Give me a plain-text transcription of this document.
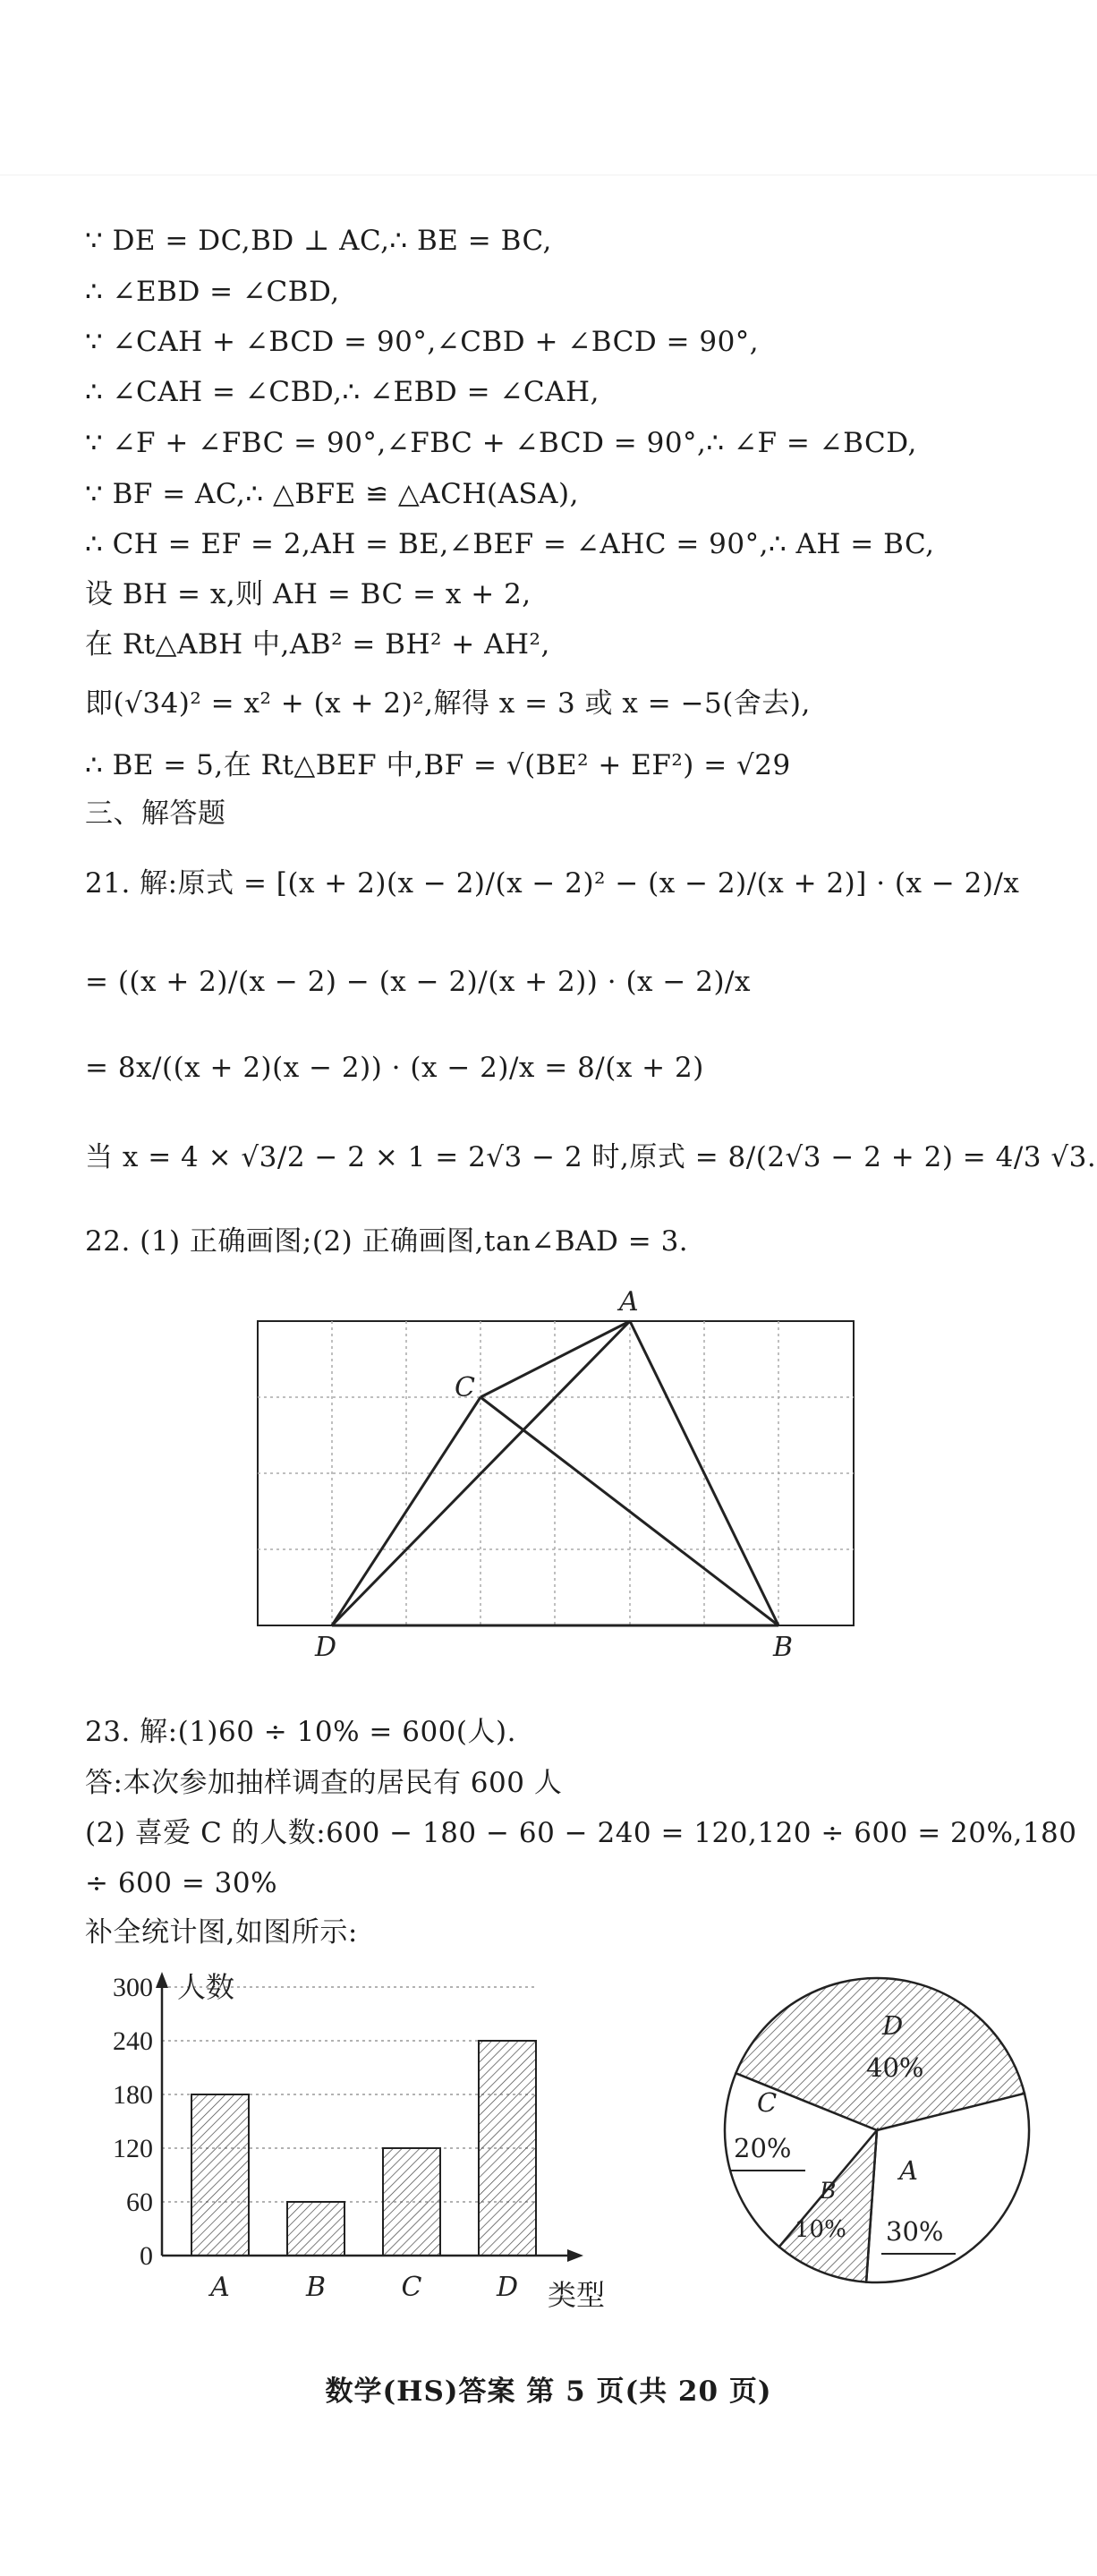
∵ DE = DC,BD ⊥ AC,∴ BE = BC,
∴ ∠EBD = ∠CBD,
∵ ∠CAH + ∠BCD = 90°,∠CBD + ∠BCD = 90°,
∴ ∠CAH = ∠CBD,∴ ∠EBD = ∠CAH,
∵ ∠F + ∠FBC = 90°,∠FBC + ∠BCD = 90°,∴ ∠F = ∠BCD,
∵ BF = AC,∴ △BFE ≌ △ACH(ASA),
∴ CH = EF = 2,AH = BE,∠BEF = ∠AHC = 90°,∴ AH = BC,
设 BH = x,则 AH = BC = x + 2,
在 Rt△ABH 中,AB² = BH² + AH²,
即(√34)² = x² + (x + 2)²,解得 x = 3 或 x = −5(舍去),
∴ BE = 5,在 Rt△BEF 中,BF = √(BE² + EF²) = √29
三、解答题
21. 解:原式 = [(x + 2)(x − 2)/(x − 2)² − (x − 2)/(x + 2)] · (x − 2)/x
= ((x + 2)/(x − 2) − (x − 2)/(x + 2)) · (x − 2)/x
= 8x/((x + 2)(x − 2)) · (x − 2)/x = 8/(x + 2)
当 x = 4 × √3/2 − 2 × 1 = 2√3 − 2 时,原式 = 8/(2√3 − 2 + 2) = 4/3 √3.
22. (1) 正确画图;(2) 正确画图,tan∠BAD = 3.
23. 解:(1)60 ÷ 10% = 600(人).
答:本次参加抽样调查的居民有 600 人
(2) 喜爱 C 的人数:600 − 180 − 60 − 240 = 120,120 ÷ 600 = 20%,180
÷ 600 = 30%
补全统计图,如图所示:
A
C
D	B
0
60
120
180
240
300
A	B	C	D
人数
类型
D
40%
A
30%
B
10%
C
20%
数学(HS)答案 第 5 页(共 20 页)
